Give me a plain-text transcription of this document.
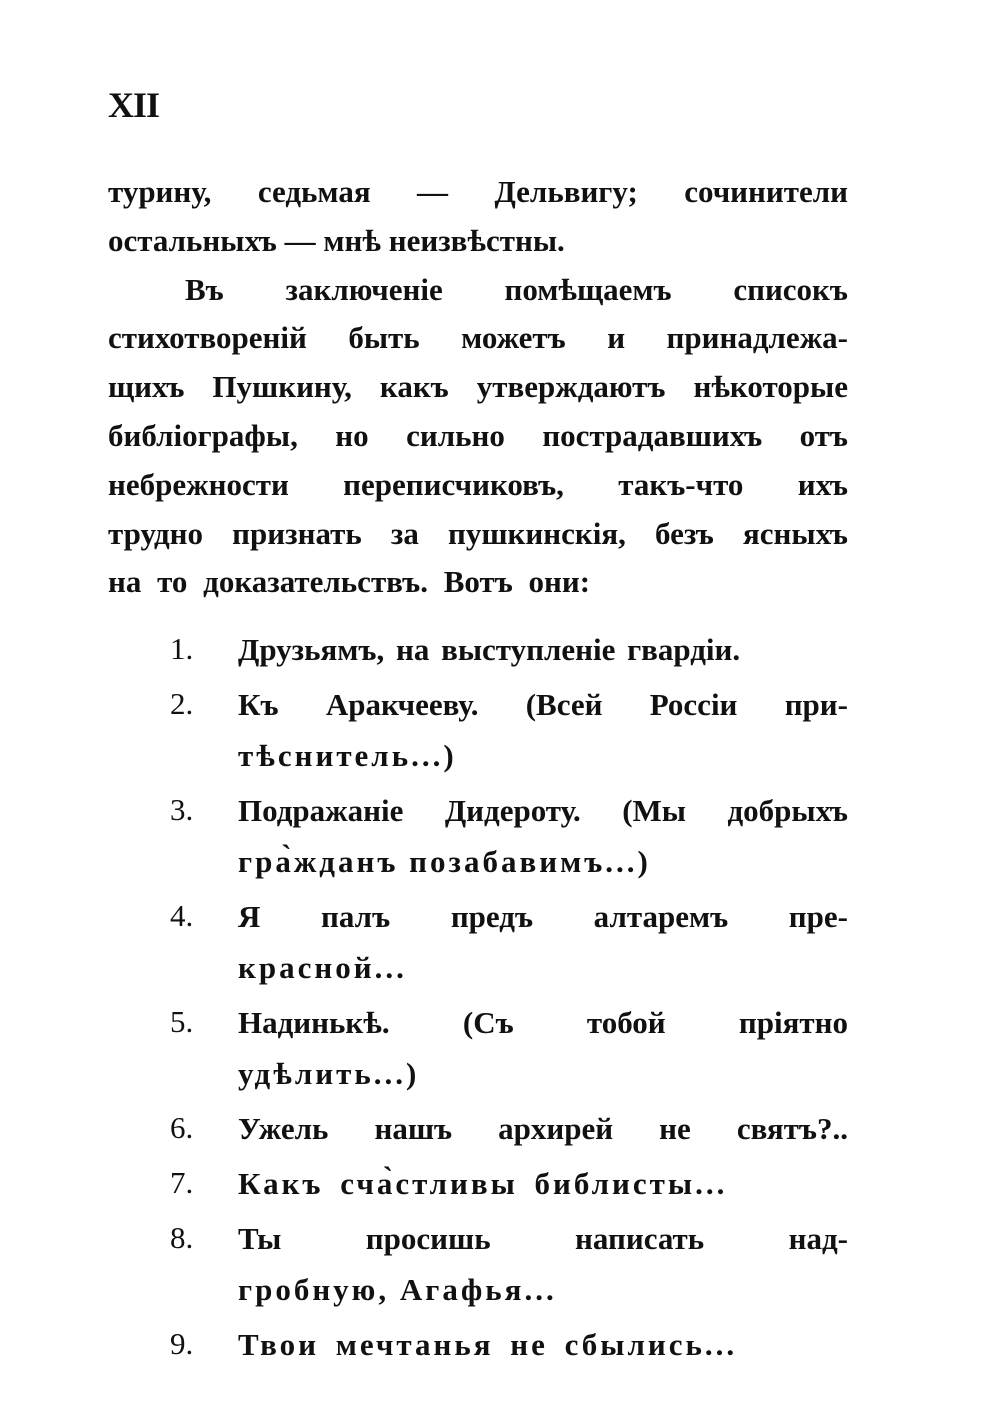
XII
турину, седьмая — Дельвигу; сочинители
остальныхъ — мнѣ неизвѣстны.
Въ заключеніе помѣщаемъ списокъ
стихотвореній быть можетъ и принадлежа-
щихъ Пушкину, какъ утверждаютъ нѣкоторые
библіографы, но сильно пострадавшихъ отъ
небрежности переписчиковъ, такъ-что ихъ
трудно признать за пушкинскія, безъ ясныхъ
на то доказательствъ. Вотъ они:
1. Друзьямъ, на выступленіе гвардіи.
2. Къ Аракчееву. (Всей Россіи при-
тѣснитель...)
3. Подражаніе Дидероту. (Мы добрыхъ
гра̀жданъ позабавимъ...)
4. Я палъ предъ алтаремъ пре-
красной...
5. Надинькѣ. (Съ тобой пріятно
удѣлить...)
6. Ужель нашъ архирей не святъ?..
7. Какъ сча̀стливы библисты...
8. Ты просишь написать над-
гробную, Агафья...
9. Твои мечтанья не сбылись...
